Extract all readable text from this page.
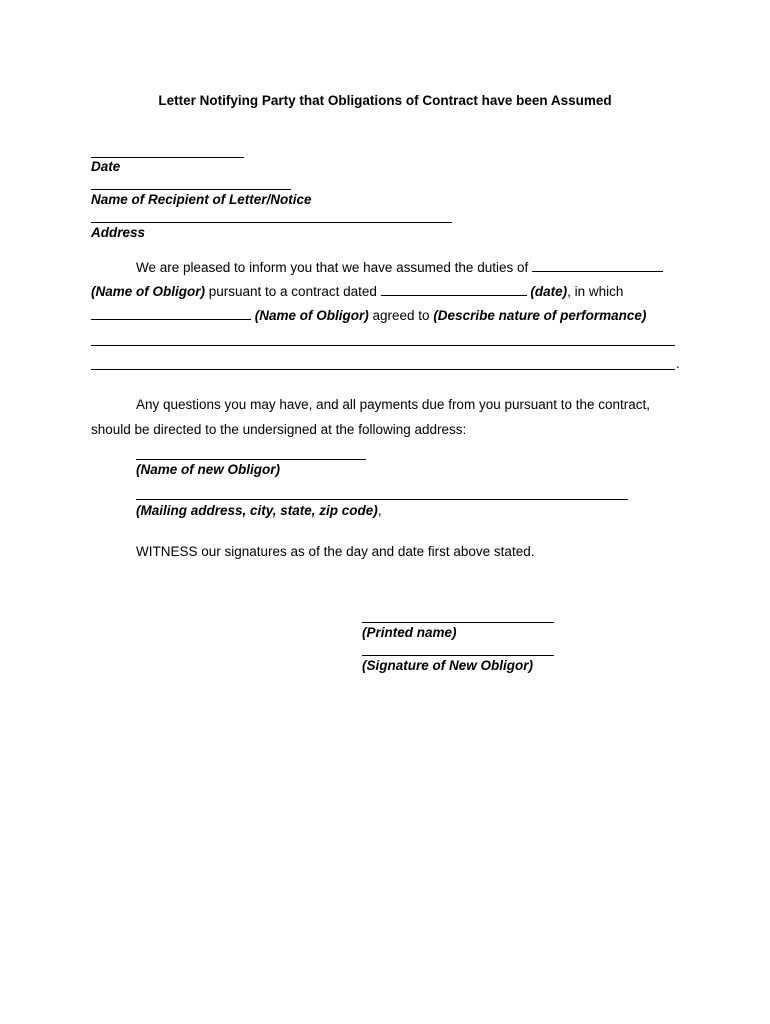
Letter Notifying Party that Obligations of Contract have been Assumed
Date
Name of Recipient of Letter/Notice
Address
We are pleased to inform you that we have assumed the duties of
(Name of Obligor) pursuant to a contract dated	(date), in which
(Name of Obligor) agreed to (Describe nature of performance)
.
Any questions you may have, and all payments due from you pursuant to the contract,
should be directed to the undersigned at the following address:
(Name of new Obligor)
(Mailing address, city, state, zip code),
WITNESS our signatures as of the day and date first above stated.
(Printed name)
(Signature of New Obligor)
